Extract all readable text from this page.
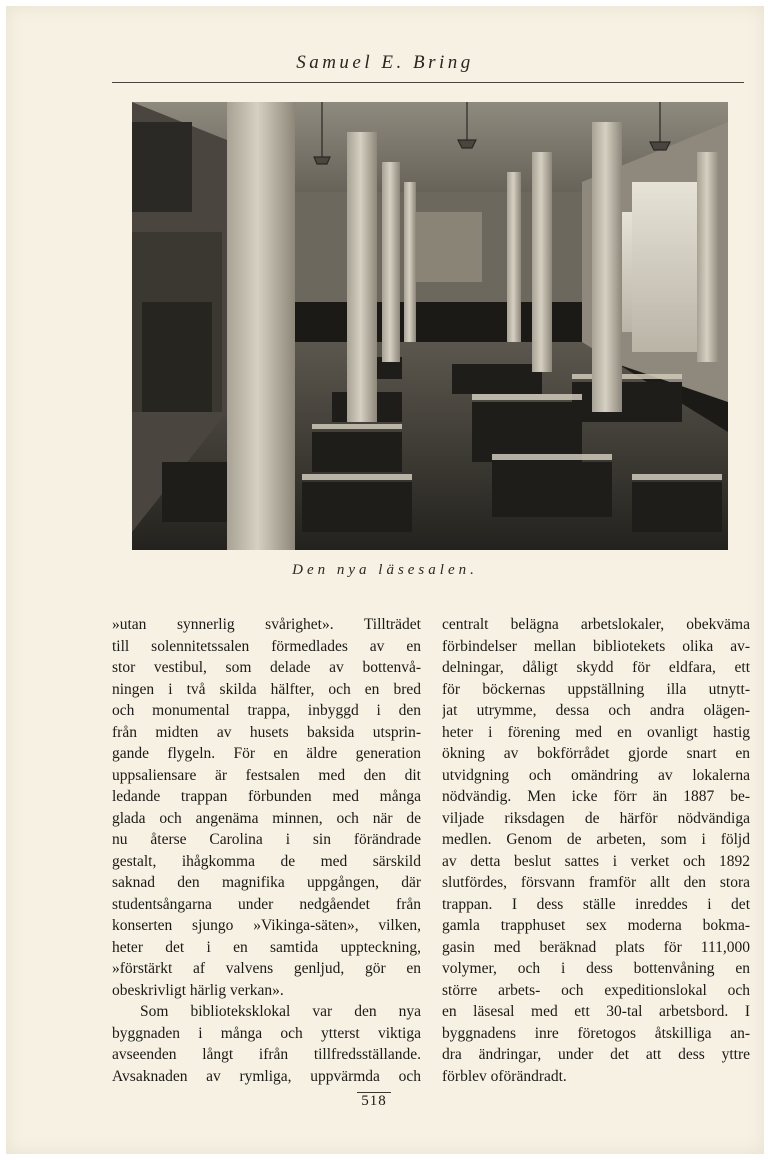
Samuel E. Bring
Den nya läsesalen.
»utan synnerlig svårighet». Tillträdet
till solennitetssalen förmedlades av en
stor vestibul, som delade av bottenvå-
ningen i två skilda hälfter, och en bred
och monumental trappa, inbyggd i den
från midten av husets baksida utsprin-
gande flygeln. För en äldre generation
uppsaliensare är festsalen med den dit
ledande trappan förbunden med många
glada och angenäma minnen, och när de
nu återse Carolina i sin förändrade
gestalt, ihågkomma de med särskild
saknad den magnifika uppgången, där
studentsångarna under nedgåendet från
konserten sjungo »Vikinga-säten», vilken,
heter det i en samtida uppteckning,
»förstärkt af valvens genljud, gör en
obeskrivligt härlig verkan».
Som biblioteksklokal var den nya
byggnaden i många och ytterst viktiga
avseenden långt ifrån tillfredsställande.
Avsaknaden av rymliga, uppvärmda och
centralt belägna arbetslokaler, obekväma
förbindelser mellan bibliotekets olika av-
delningar, dåligt skydd för eldfara, ett
för böckernas uppställning illa utnytt-
jat utrymme, dessa och andra olägen-
heter i förening med en ovanligt hastig
ökning av bokförrådet gjorde snart en
utvidgning och omändring av lokalerna
nödvändig. Men icke förr än 1887 be-
viljade riksdagen de härför nödvändiga
medlen. Genom de arbeten, som i följd
av detta beslut sattes i verket och 1892
slutfördes, försvann framför allt den stora
trappan. I dess ställe inreddes i det
gamla trapphuset sex moderna bokma-
gasin med beräknad plats för 111,000
volymer, och i dess bottenvåning en
större arbets- och expeditionslokal och
en läsesal med ett 30-tal arbetsbord. I
byggnadens inre företogos åtskilliga an-
dra ändringar, under det att dess yttre
förblev oförändradt.
518
